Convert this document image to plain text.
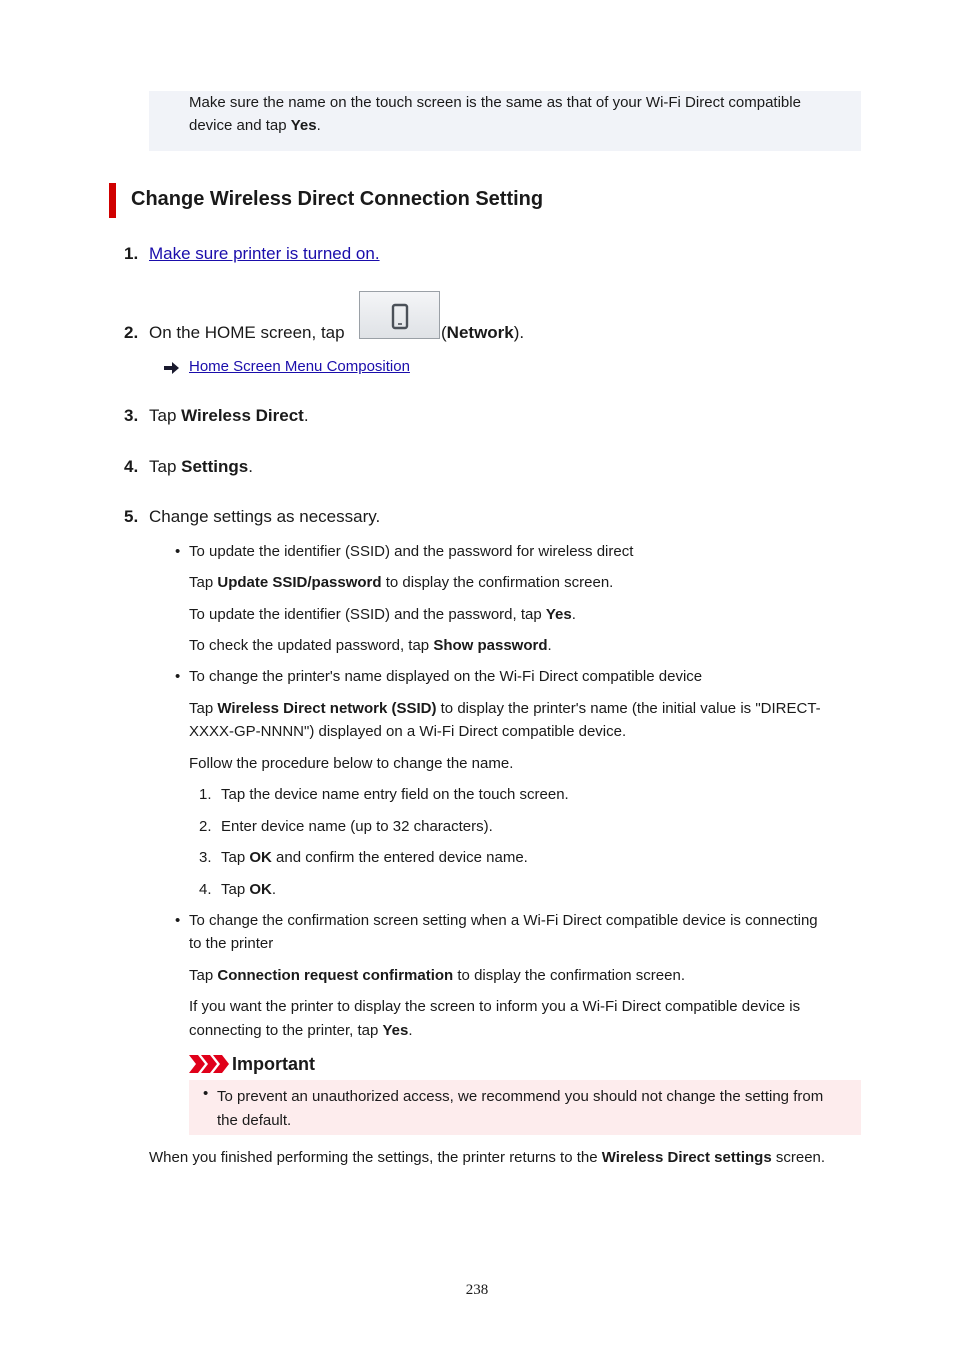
Make sure the name on the touch screen is the same as that of your Wi-Fi Direct compatible

device and tap Yes.

Change Wireless Direct Connection Setting
1. Make sure printer is turned on.
2. On the HOME screen, tap	(Network).
Home Screen Menu Composition
3. Tap Wireless Direct.
4. Tap Settings.
5. Change settings as necessary.
• To update the identifier (SSID) and the password for wireless direct
Tap Update SSID/password to display the confirmation screen.
To update the identifier (SSID) and the password, tap Yes.
To check the updated password, tap Show password.
• To change the printer's name displayed on the Wi-Fi Direct compatible device
Tap Wireless Direct network (SSID) to display the printer's name (the initial value is "DIRECT-
XXXX-GP-NNNN") displayed on a Wi-Fi Direct compatible device.
Follow the procedure below to change the name.
1. Tap the device name entry field on the touch screen.
2. Enter device name (up to 32 characters).
3. Tap OK and confirm the entered device name.
4. Tap OK.
• To change the confirmation screen setting when a Wi-Fi Direct compatible device is connecting
to the printer
Tap Connection request confirmation to display the confirmation screen.
If you want the printer to display the screen to inform you a Wi-Fi Direct compatible device is
connecting to the printer, tap Yes.
Important
• To prevent an unauthorized access, we recommend you should not change the setting from
the default.
When you finished performing the settings, the printer returns to the Wireless Direct settings screen.
238
